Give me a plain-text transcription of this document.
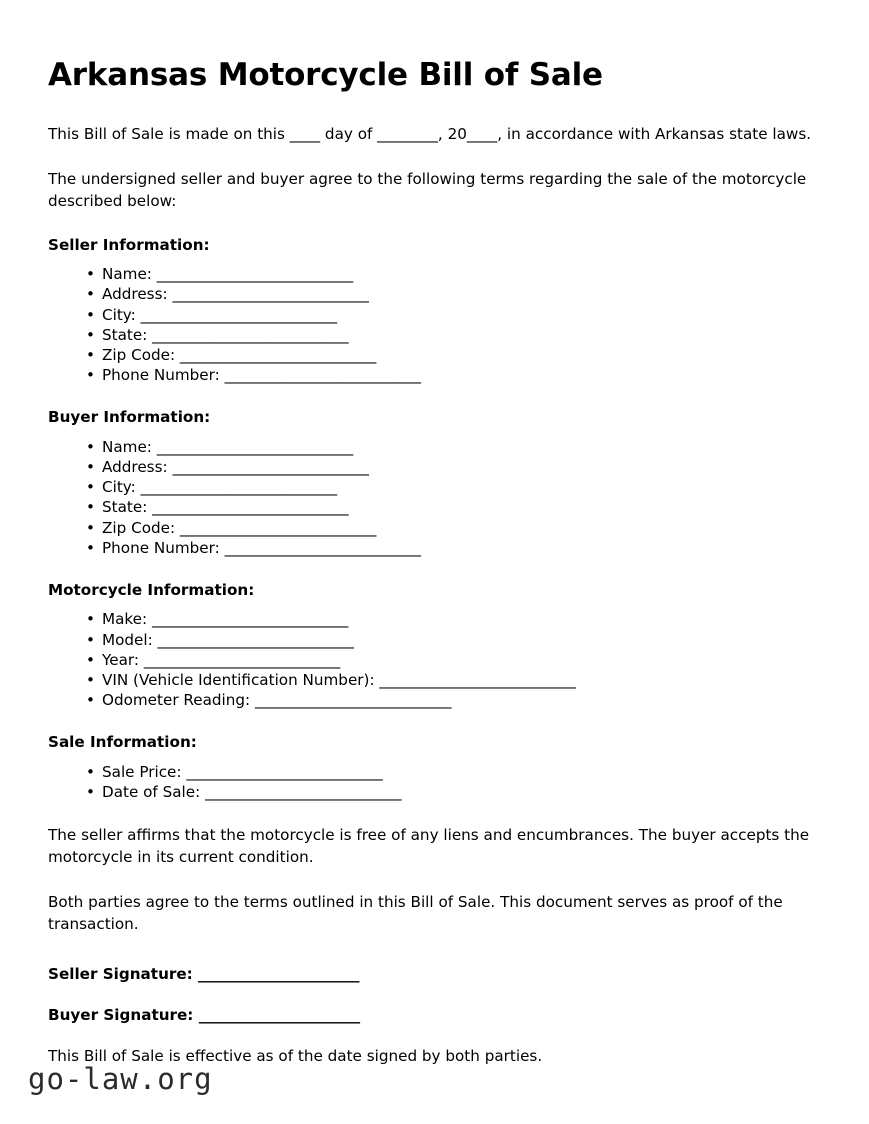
Arkansas Motorcycle Bill of Sale

This Bill of Sale is made on this ____ day of ________, 20____, in accordance with Arkansas state laws.

The undersigned seller and buyer agree to the following terms regarding the sale of the motorcycle described below:

Seller Information:
• Name: ____________________________
• Address: ____________________________
• City: ____________________________
• State: ____________________________
• Zip Code: ____________________________
• Phone Number: ____________________________
Buyer Information:
• Name: ____________________________
• Address: ____________________________
• City: ____________________________
• State: ____________________________
• Zip Code: ____________________________
• Phone Number: ____________________________
Motorcycle Information:
• Make: ____________________________
• Model: ____________________________
• Year: ____________________________
• VIN (Vehicle Identification Number): ____________________________
• Odometer Reading: ____________________________
Sale Information:
• Sale Price: ____________________________
• Date of Sale: ____________________________

The seller affirms that the motorcycle is free of any liens and encumbrances. The buyer accepts the motorcycle in its current condition.

Both parties agree to the terms outlined in this Bill of Sale. This document serves as proof of the transaction.

Seller Signature: _______________________
Buyer Signature: _______________________

This Bill of Sale is effective as of the date signed by both parties.

go-law.org
